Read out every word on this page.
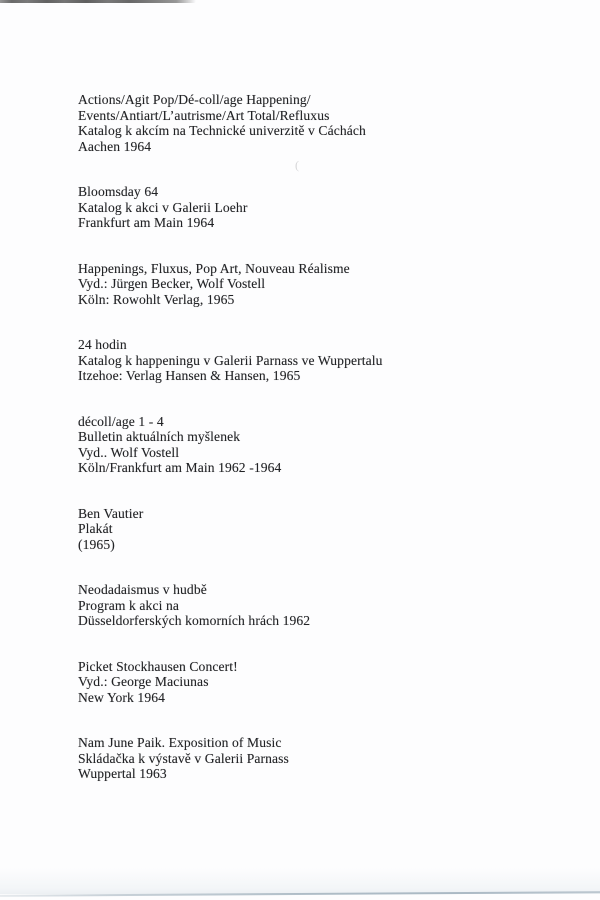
Actions/Agit Pop/Dé-coll/age Happening/
Events/Antiart/L’autrisme/Art Total/Refluxus
Katalog k akcím na Technické univerzitě v Cáchách
Aachen 1964
Bloomsday 64
Katalog k akci v Galerii Loehr
Frankfurt am Main 1964
Happenings, Fluxus, Pop Art, Nouveau Réalisme
Vyd.: Jürgen Becker, Wolf Vostell
Köln: Rowohlt Verlag, 1965
24 hodin
Katalog k happeningu v Galerii Parnass ve Wuppertalu
Itzehoe: Verlag Hansen & Hansen, 1965
décoll/age 1 - 4
Bulletin aktuálních myšlenek
Vyd.. Wolf Vostell
Köln/Frankfurt am Main 1962 -1964
Ben Vautier
Plakát
(1965)
Neodadaismus v hudbě
Program k akci na
Düsseldorferských komorních hrách 1962
Picket Stockhausen Concert!
Vyd.: George Maciunas
New York 1964
Nam June Paik. Exposition of Music
Skládačka k výstavě v Galerii Parnass
Wuppertal 1963
(
